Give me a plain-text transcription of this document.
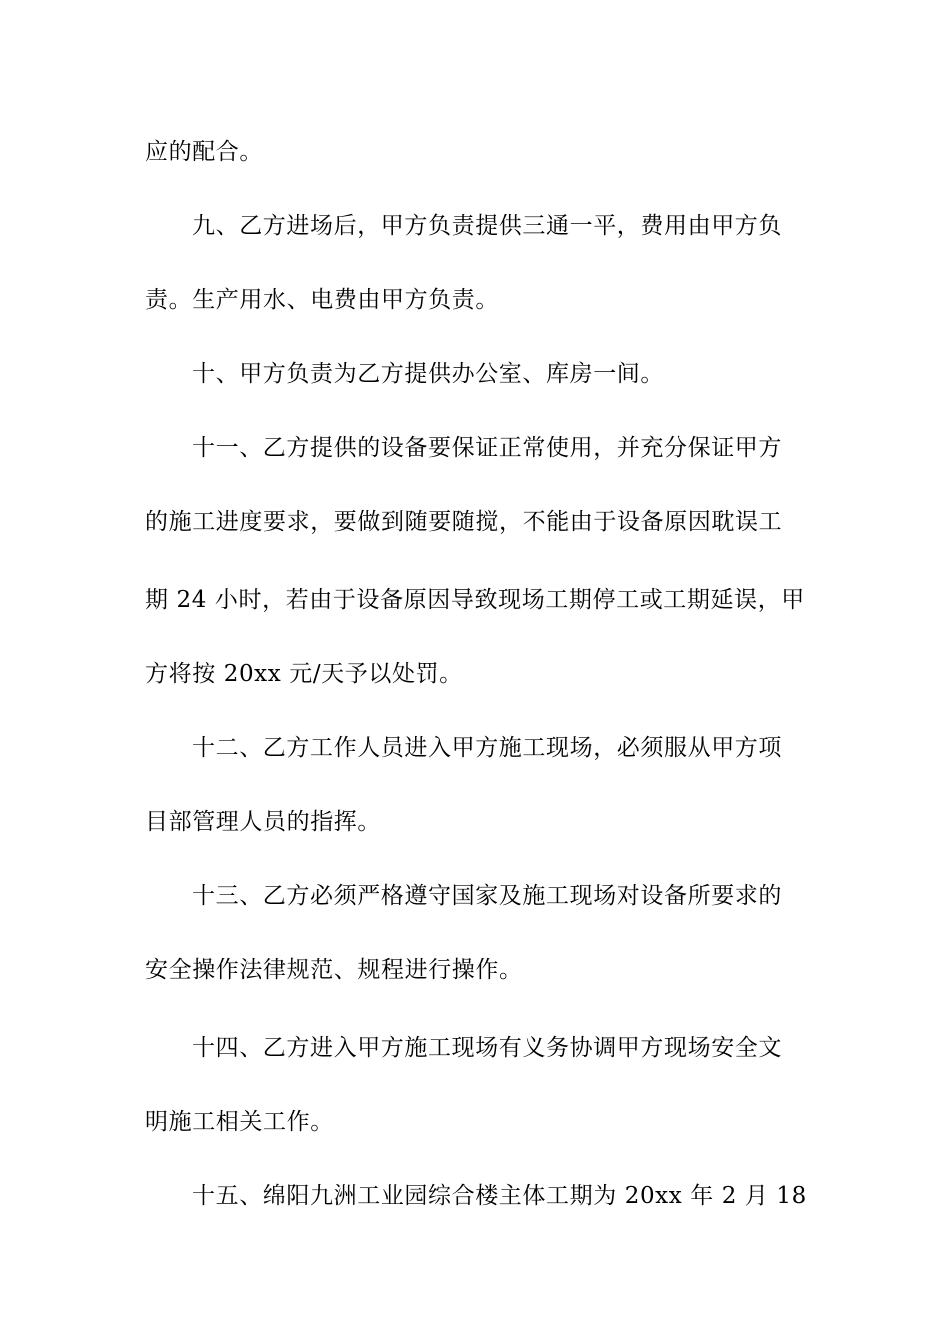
应的配合。
九、乙方进场后，甲方负责提供三通一平，费用由甲方负
责。生产用水、电费由甲方负责。
十、甲方负责为乙方提供办公室、库房一间。
十一、乙方提供的设备要保证正常使用，并充分保证甲方
的施工进度要求，要做到随要随搅，不能由于设备原因耽误工
期 24 小时，若由于设备原因导致现场工期停工或工期延误，甲
方将按 20xx 元/天予以处罚。
十二、乙方工作人员进入甲方施工现场，必须服从甲方项
目部管理人员的指挥。
十三、乙方必须严格遵守国家及施工现场对设备所要求的
安全操作法律规范、规程进行操作。
十四、乙方进入甲方施工现场有义务协调甲方现场安全文
明施工相关工作。
十五、绵阳九洲工业园综合楼主体工期为 20xx 年 2 月 18
